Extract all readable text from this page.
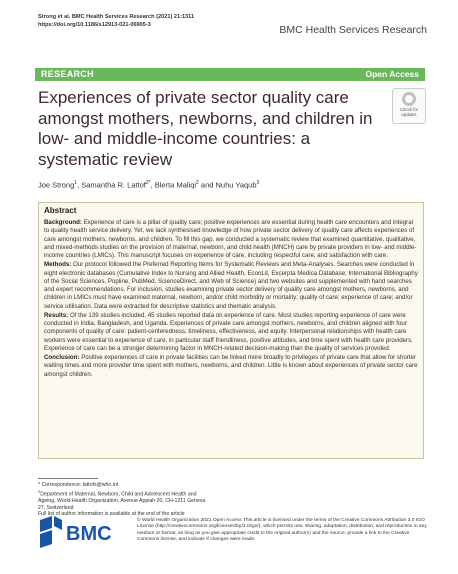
Strong et al. BMC Health Services Research (2021) 21:1311
https://doi.org/10.1186/s12913-021-06905-3	BMC Health Services Research
RESEARCH	Open Access
Experiences of private sector quality care amongst mothers, newborns, and children in low- and middle-income countries: a systematic review
Check for
updates
Joe Strong$^1$, Samantha R. Lattof$^{2*}$, Blerta Maliqi$^2$ and Nuhu Yaqub$^3$
Abstract

Background: Experience of care is a pillar of quality care; positive experiences are essential during health care encounters and integral to quality health service delivery. Yet, we lack synthesised knowledge of how private sector delivery of quality care affects experiences of care amongst mothers, newborns, and children. To fill this gap, we conducted a systematic review that examined quantitative, qualitative, and mixed-methods studies on the provision of maternal, newborn, and child health (MNCH) care by private providers in low- and middle-income countries (LMICs). This manuscript focuses on experience of care, including respectful care, and satisfaction with care.

Methods: Our protocol followed the Preferred Reporting Items for Systematic Reviews and Meta-Analyses. Searches were conducted in eight electronic databases (Cumulative Index to Nursing and Allied Health, EconLit, Excerpta Medica Database; International Bibliography of the Social Sciences, Popline, PubMed, ScienceDirect, and Web of Science) and two websites and supplemented with hand searches and expert recommendations. For inclusion, studies examining private sector delivery of quality care amongst mothers, newborns, and children in LMICs must have examined maternal, newborn, and/or child morbidity or mortality; quality of care; experience of care; and/or service utilisation. Data were extracted for descriptive statistics and thematic analysis.

Results: Of the 139 studies included, 45 studies reported data on experience of care. Most studies reporting experience of care were conducted in India, Bangladesh, and Uganda. Experiences of private care amongst mothers, newborns, and children aligned with four components of quality of care: patient-centeredness, timeliness, effectiveness, and equity. Interpersonal relationships with health care workers were essential to experience of care, in particular staff friendliness, positive attitudes, and time spent with health care providers. Experience of care can be a stronger determining factor in MNCH-related decision-making than the quality of services provided.

Conclusion: Positive experiences of care in private facilities can be linked more broadly to privileges of private care that allow for shorter waiting times and more provider time spent with mothers, newborns, and children. Little is known about experiences of private sector care amongst children.

* Correspondence: lattofs@who.int
$^2$Department of Maternal, Newborn, Child and Adolescent Health and Ageing, World Health Organization, Avenue Appiah 20, CH-1211 Geneva 27, Switzerland
Full list of author information is available at the end of the article
BMC
© World Health Organization 2021 Open Access This article is licensed under the terms of the Creative Commons Attribution 3.0 IGO License (http://creativecommons.org/licenses/by/3.0/igo/), which permits use, sharing, adaptation, distribution, and reproduction in any medium or format, as long as you give appropriate credit to the original author(s) and the source, provide a link to the Creative Commons license, and indicate if changes were made.
